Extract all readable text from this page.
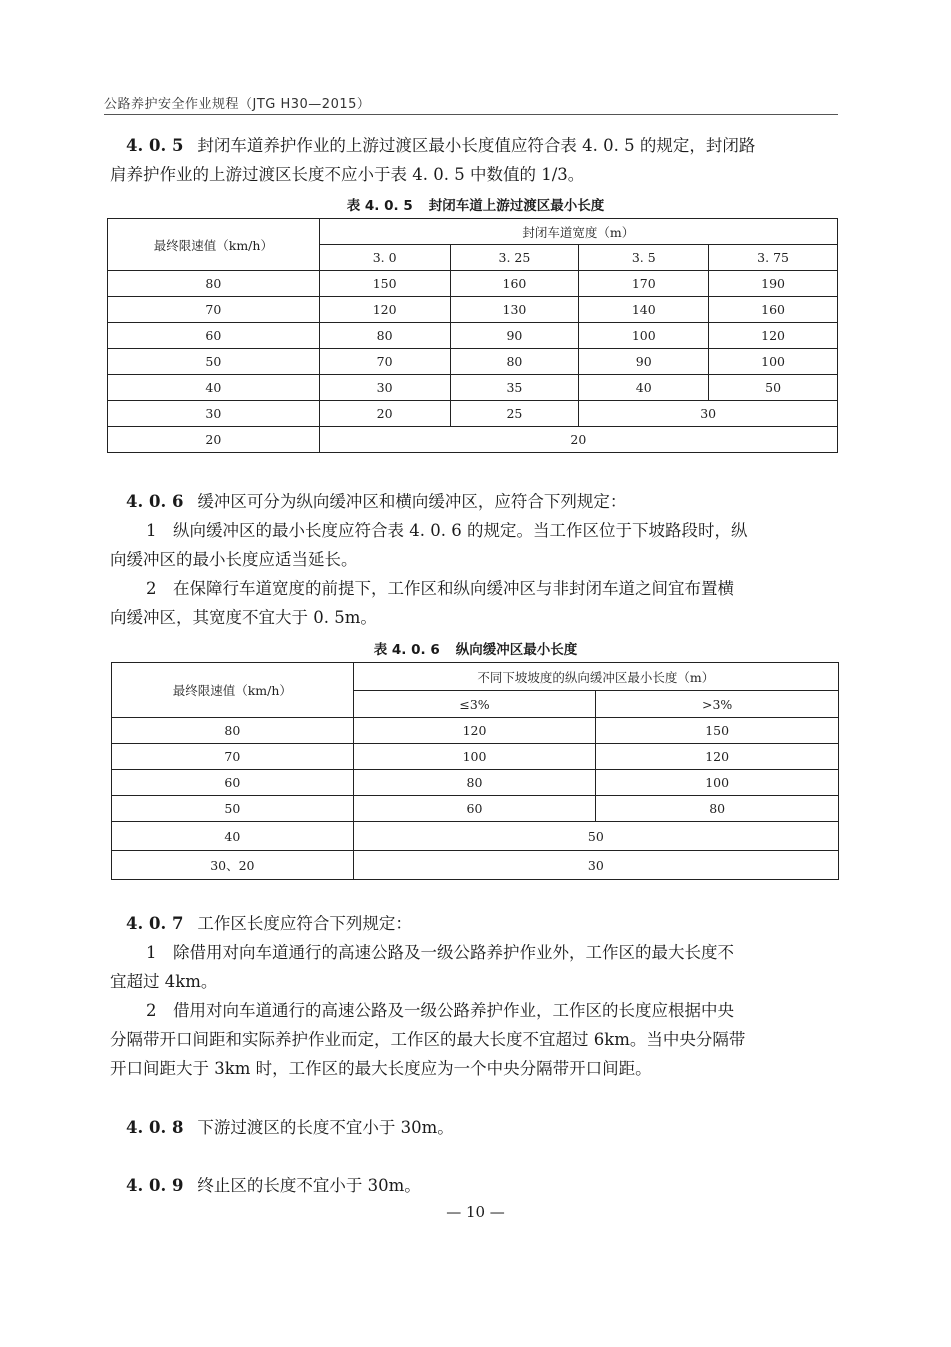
公路养护安全作业规程（JTG H30—2015）
4. 0. 5 封闭车道养护作业的上游过渡区最小长度值应符合表 4. 0. 5 的规定，封闭路
肩养护作业的上游过渡区长度不应小于表 4. 0. 5 中数值的 1/3。
表 4. 0. 5 封闭车道上游过渡区最小长度
最终限速值（km/h）	封闭车道宽度（m）			
	3. 0	3. 25	3. 5	3. 75
80	150	160	170	190
70	120	130	140	160
60	80	90	100	120
50	70	80	90	100
40	30	35	40	50
30	20	25	30	
20	20			
4. 0. 6 缓冲区可分为纵向缓冲区和横向缓冲区，应符合下列规定：
1　纵向缓冲区的最小长度应符合表 4. 0. 6 的规定。当工作区位于下坡路段时，纵
向缓冲区的最小长度应适当延长。
2　在保障行车道宽度的前提下，工作区和纵向缓冲区与非封闭车道之间宜布置横
向缓冲区，其宽度不宜大于 0. 5m。
表 4. 0. 6 纵向缓冲区最小长度
最终限速值（km/h）	不同下坡坡度的纵向缓冲区最小长度（m）	
	≤3%	>3%
80	120	150
70	100	120
60	80	100
50	60	80
40	50	
30、20	30	
4. 0. 7 工作区长度应符合下列规定：
1　除借用对向车道通行的高速公路及一级公路养护作业外，工作区的最大长度不
宜超过 4km。
2　借用对向车道通行的高速公路及一级公路养护作业，工作区的长度应根据中央
分隔带开口间距和实际养护作业而定，工作区的最大长度不宜超过 6km。当中央分隔带
开口间距大于 3km 时，工作区的最大长度应为一个中央分隔带开口间距。
4. 0. 8 下游过渡区的长度不宜小于 30m。
4. 0. 9 终止区的长度不宜小于 30m。
— 10 —
